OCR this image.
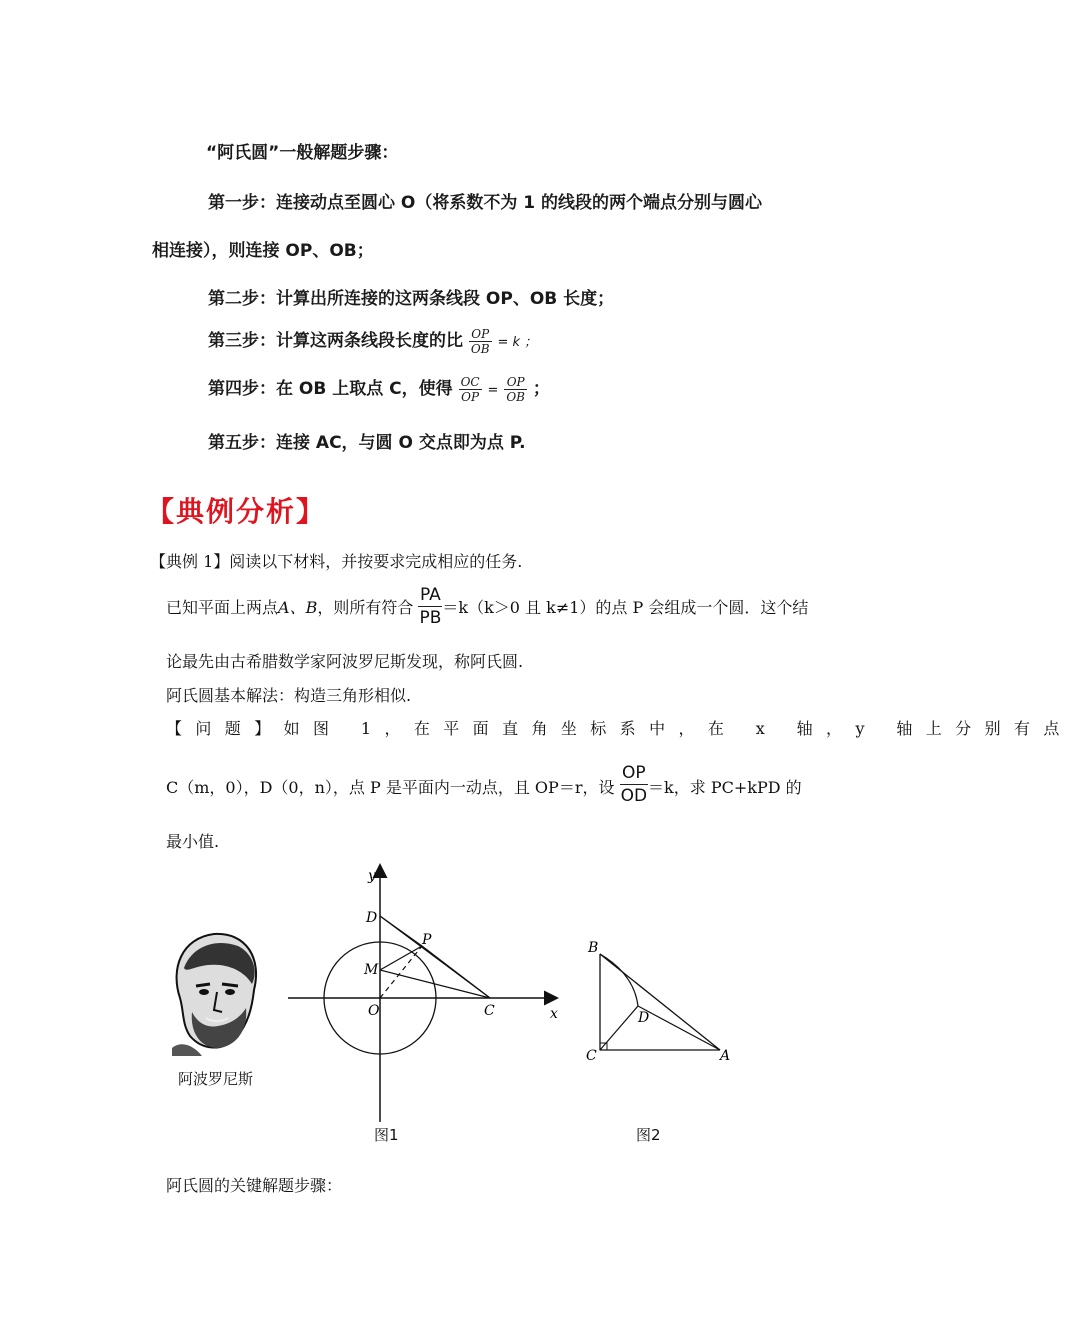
“阿氏圆”一般解题步骤：
第一步：连接动点至圆心 O（将系数不为 1 的线段的两个端点分别与圆心
相连接），则连接 OP、OB；
第二步：计算出所连接的这两条线段 OP、OB 长度；
第三步：计算这两条线段长度的比 $\frac{OP}{OB} = k$ ；
第四步：在 OB 上取点 C，使得 $\frac{OC}{OP} = \frac{OP}{OB}$ ；
第五步：连接 AC，与圆 O 交点即为点 P.
【典例分析】
【典例 1】阅读以下材料，并按要求完成相应的任务.
已知平面上两点A、B，则所有符合 $\frac{PA}{PB} =k(k>0$ 且 k≠1）的点 P 会组成一个圆．这个结
论最先由古希腊数学家阿波罗尼斯发现，称阿氏圆.
阿氏圆基本解法：构造三角形相似.
【问题】如图 1，在平面直角坐标系中，在 x 轴，y 轴上分别有点
C（m，0），D（0，n），点 P 是平面内一动点，且 OP＝r，设 $\frac{OP}{OD} =k$，求 PC+kPD 的
最小值.
阿波罗尼斯
y
x
D
P
M
O	C
图1
B
D
C	A
图2
阿氏圆的关键解题步骤：
